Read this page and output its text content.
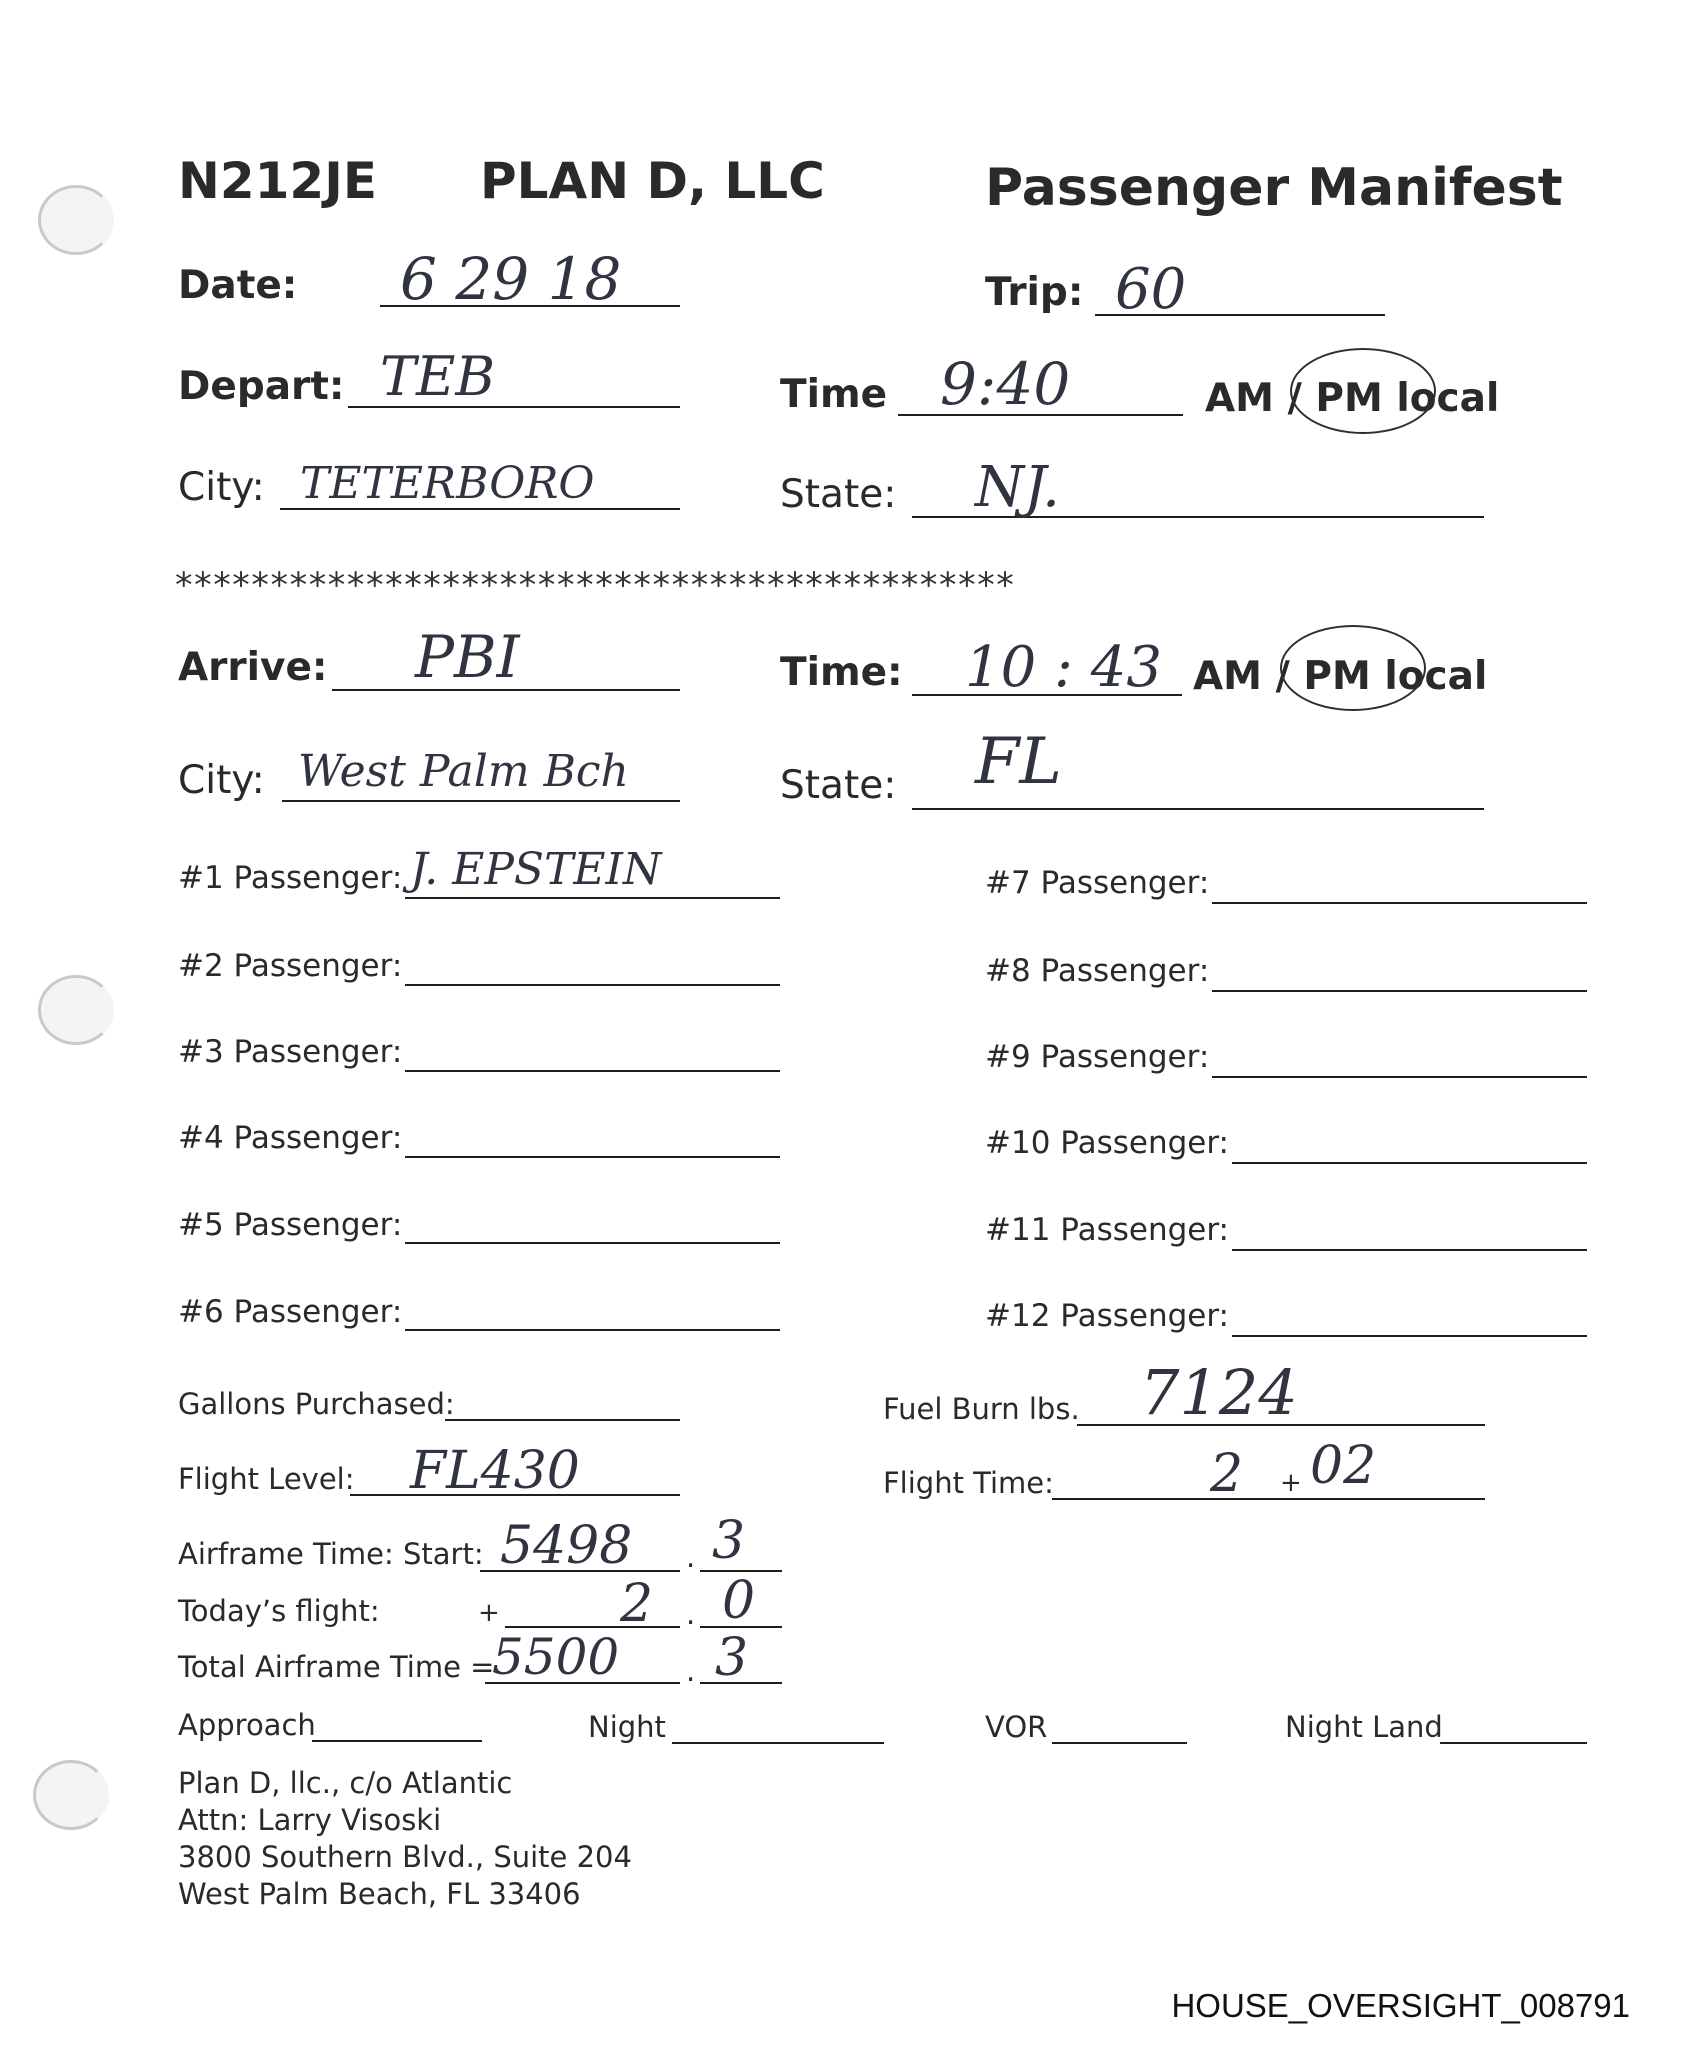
N212JE PLAN D, LLC	Passenger Manifest
Date: 6 29 18	Trip: 60
Depart: TEB	Time 9:40	AM / PM local
City: TETERBORO	State: NJ.
********************************************
Arrive: PBI	Time: 10 : 43 AM / PM local
City: West Palm Bch	State: FL
#1 Passenger: J. EPSTEIN
#2 Passenger:
#3 Passenger:
#4 Passenger:
#5 Passenger:
#6 Passenger:
#7 Passenger:
#8 Passenger:
#9 Passenger:
#10 Passenger:
#11 Passenger:
#12 Passenger:
Gallons Purchased:	Fuel Burn lbs. 7124
Flight Level: FL430	Flight Time:	2 + 02
Airframe Time: Start: 5498 . 3
Today’s flight:	+ 2 . 0
Total Airframe Time =
5500 . 3
Approach	Night	VOR	Night Land
Plan D, llc., c/o Atlantic
Attn: Larry Visoski
3800 Southern Blvd., Suite 204
West Palm Beach, FL 33406
HOUSE_OVERSIGHT_008791
